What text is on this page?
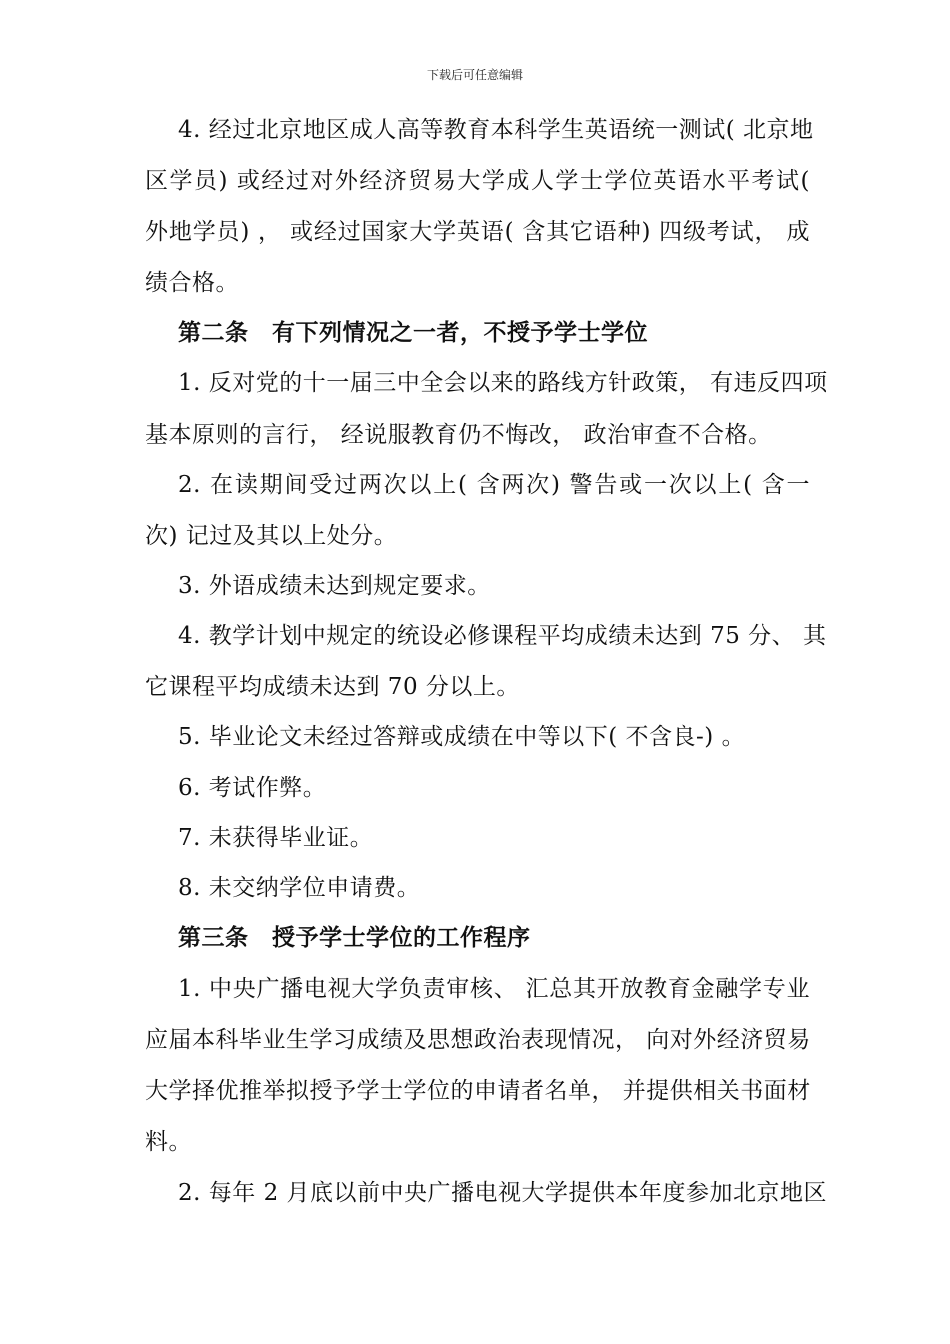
下载后可任意编辑
4. 经过北京地区成人高等教育本科学生英语统一测试( 北京地
区学员) 或经过对外经济贸易大学成人学士学位英语水平考试(
外地学员) ， 或经过国家大学英语( 含其它语种) 四级考试， 成
绩合格。
第二条　有下列情况之一者，不授予学士学位
1. 反对党的十一届三中全会以来的路线方针政策， 有违反四项
基本原则的言行， 经说服教育仍不悔改， 政治审查不合格。
2. 在读期间受过两次以上( 含两次) 警告或一次以上( 含一
次) 记过及其以上处分。
3. 外语成绩未达到规定要求。
4. 教学计划中规定的统设必修课程平均成绩未达到 75 分、 其
它课程平均成绩未达到 70 分以上。
5. 毕业论文未经过答辩或成绩在中等以下( 不含良-) 。
6. 考试作弊。
7. 未获得毕业证。
8. 未交纳学位申请费。
第三条　授予学士学位的工作程序
1. 中央广播电视大学负责审核、 汇总其开放教育金融学专业
应届本科毕业生学习成绩及思想政治表现情况， 向对外经济贸易
大学择优推举拟授予学士学位的申请者名单， 并提供相关书面材
料。
2. 每年 2 月底以前中央广播电视大学提供本年度参加北京地区
